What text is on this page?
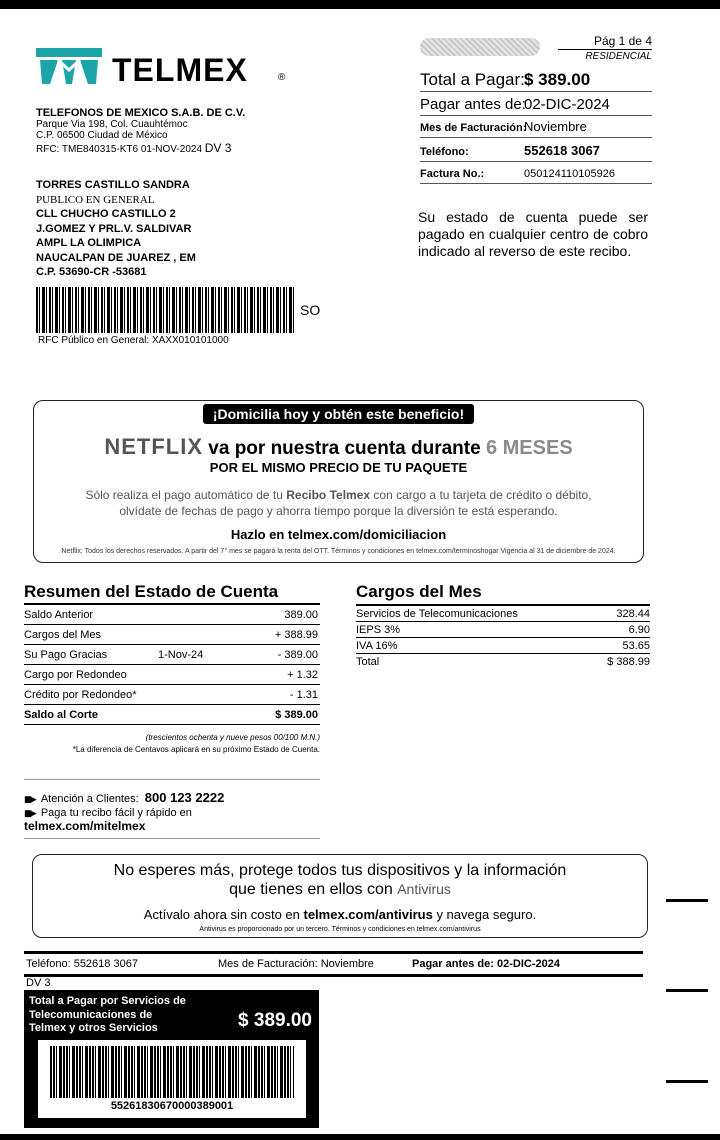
TELMEX	®
Pág 1 de 4
RESIDENCIAL
Total a Pagar: $ 389.00
Pagar antes de:
02-DIC-2024
Mes de Facturación:
Noviembre
Teléfono:	552618 3067
Factura No.:	050124110105926
TELEFONOS DE MEXICO S.A.B. DE C.V.
Parque Via 198, Col. Cuauhtémoc
C.P. 06500 Ciudad de México
RFC: TME840315-KT6 01-NOV-2024 DV 3
TORRES CASTILLO SANDRA
PUBLICO EN GENERAL
CLL CHUCHO CASTILLO 2
J.GOMEZ Y PRL.V. SALDIVAR
AMPL LA OLIMPICA
NAUCALPAN DE JUAREZ , EM
C.P. 53690-CR -53681
SO
RFC Público en General: XAXX010101000
Su estado de cuenta puede ser pagado en cualquier centro de cobro indicado al reverso de este recibo.
¡Domicilia hoy y obtén este beneficio!
NETFLIX va por nuestra cuenta durante 6 MESES
POR EL MISMO PRECIO DE TU PAQUETE
Sólo realiza el pago automático de tu Recibo Telmex con cargo a tu tarjeta de crédito o débito,
olvídate de fechas de pago y ahorra tiempo porque la diversión te está esperando.
Hazlo en telmex.com/domiciliacion
Netflix: Todos los derechos reservados. A partir del 7° mes se pagará la renta del OTT. Términos y condiciones en telmex.com/terminoshogar Vigencia al 31 de diciembre de 2024.
Resumen del Estado de Cuenta
Saldo Anterior	389.00
Cargos del Mes	+ 388.99
Su Pago Gracias	1-Nov-24	- 389.00
Cargo por Redondeo	+ 1.32
Crédito por Redondeo*	- 1.31
Saldo al Corte	$ 389.00
(trescientos ochenta y nueve pesos 00/100 M.N.)
*La diferencia de Centavos aplicará en su próximo Estado de Cuenta.
Cargos del Mes
Servicios de Telecomunicaciones	328.44
IEPS 3%	6.90
IVA 16%	53.65
Total	$ 388.99
▮▮▶ Atención a Clientes: 800 123 2222
▮▮▶ Paga tu recibo fácil y rápido en
telmex.com/mitelmex
No esperes más, protege todos tus dispositivos y la información
que tienes en ellos con Antivirus
Actívalo ahora sin costo en telmex.com/antivirus y navega seguro.
Antivirus es proporcionado por un tercero. Términos y condiciones en telmex.com/antivirus
Teléfono: 552618 3067	Mes de Facturación: Noviembre	Pagar antes de: 02-DIC-2024
DV 3
Total a Pagar por Servicios de Telecomunicaciones de Telmex y otros Servicios	$ 389.00
55261830670000389001
